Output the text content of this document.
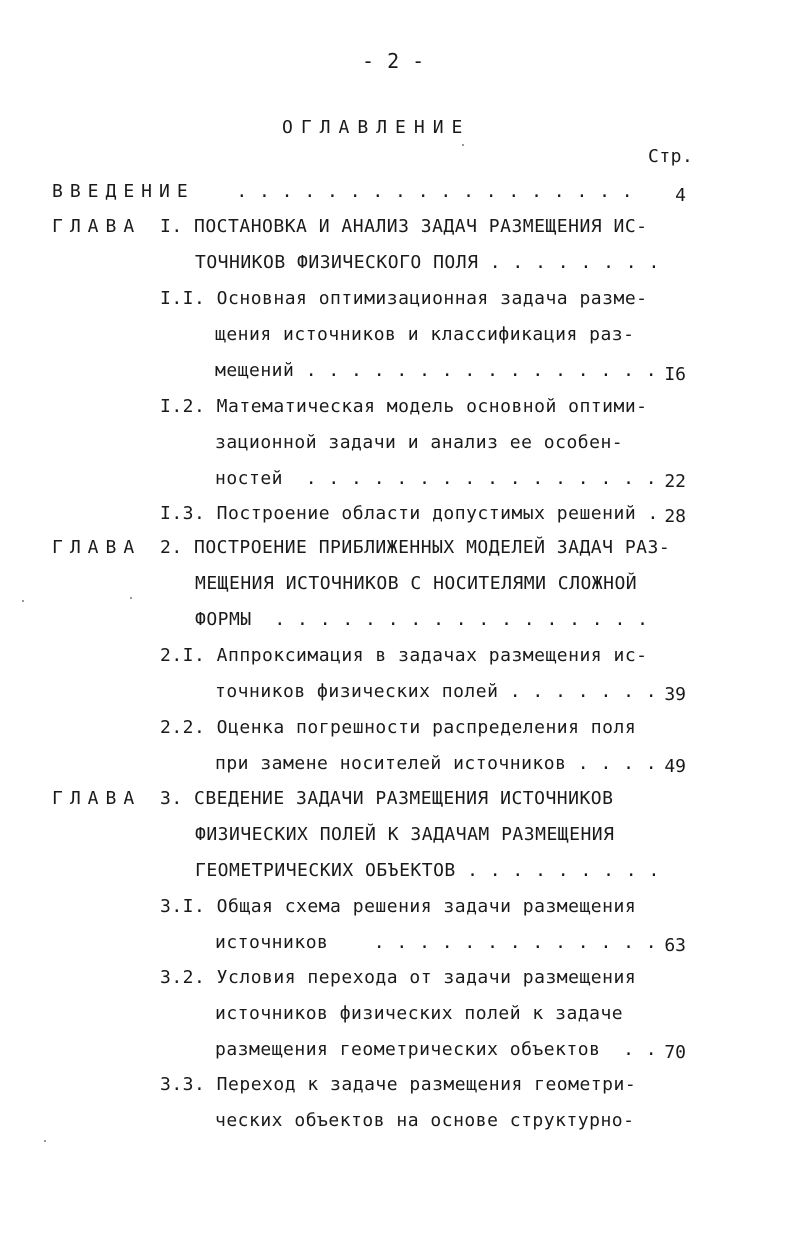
- 2 -
ОГЛАВЛЕНИЕ
Стр.
ВВЕДЕНИЕ . . . . . . . . . . . . . . . . . . 4
ГЛАВА I. ПОСТАНОВКА И АНАЛИЗ ЗАДАЧ РАЗМЕЩЕНИЯ ИС-
ТОЧНИКОВ ФИЗИЧЕСКОГО ПОЛЯ . . . . . . . .
I.I. Основная оптимизационная задача разме-
щения источников и классификация раз-
мещений . . . . . . . . . . . . . . . . I6
I.2. Математическая модель основной оптими-
зационной задачи и анализ ее особен-
ностей  . . . . . . . . . . . . . . . . 22
I.3. Построение области допустимых решений . 28
ГЛАВА 2. ПОСТРОЕНИЕ ПРИБЛИЖЕННЫХ МОДЕЛЕЙ ЗАДАЧ РАЗ-
МЕЩЕНИЯ ИСТОЧНИКОВ С НОСИТЕЛЯМИ СЛОЖНОЙ
ФОРМЫ  . . . . . . . . . . . . . . . . .
2.I. Аппроксимация в задачах размещения ис-
точников физических полей . . . . . . . 39
2.2. Оценка погрешности распределения поля
при замене носителей источников . . . . 49
ГЛАВА 3. СВЕДЕНИЕ ЗАДАЧИ РАЗМЕЩЕНИЯ ИСТОЧНИКОВ
ФИЗИЧЕСКИХ ПОЛЕЙ К ЗАДАЧАМ РАЗМЕЩЕНИЯ
ГЕОМЕТРИЧЕСКИХ ОБЪЕКТОВ . . . . . . . . .
3.I. Общая схема решения задачи размещения
источников    . . . . . . . . . . . . . 63
3.2. Условия перехода от задачи размещения
источников физических полей к задаче
размещения геометрических объектов  . . 70
3.3. Переход к задаче размещения геометри-
ческих объектов на основе структурно-
